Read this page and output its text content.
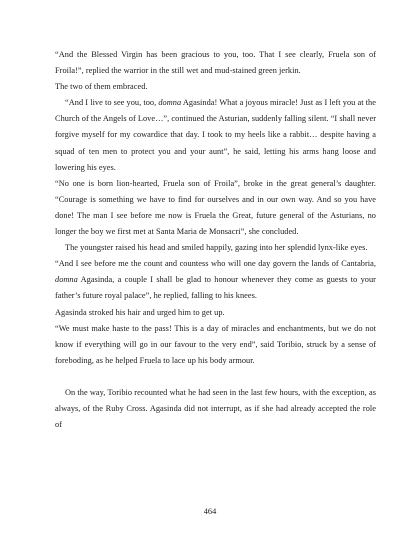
“And the Blessed Virgin has been gracious to you, too. That I see clearly, Fruela son of Froila!”, replied the warrior in the still wet and mud-stained green jerkin.

The two of them embraced.

“And I live to see you, too, domna Agasinda! What a joyous miracle! Just as I left you at the Church of the Angels of Love…”, continued the Asturian, suddenly falling silent. “I shall never forgive myself for my cowardice that day. I took to my heels like a rabbit… despite having a squad of ten men to protect you and your aunt”, he said, letting his arms hang loose and lowering his eyes.

“No one is born lion-hearted, Fruela son of Froila”, broke in the great general’s daughter. “Courage is something we have to find for ourselves and in our own way. And so you have done! The man I see before me now is Fruela the Great, future general of the Asturians, no longer the boy we first met at Santa Maria de Monsacri”, she concluded.

The youngster raised his head and smiled happily, gazing into her splendid lynx-like eyes.

“And I see before me the count and countess who will one day govern the lands of Cantabria, domna Agasinda, a couple I shall be glad to honour whenever they come as guests to your father’s future royal palace”, he replied, falling to his knees.

Agasinda stroked his hair and urged him to get up.

“We must make haste to the pass! This is a day of miracles and enchantments, but we do not know if everything will go in our favour to the very end”, said Toribio, struck by a sense of foreboding, as he helped Fruela to lace up his body armour.

On the way, Toribio recounted what he had seen in the last few hours, with the exception, as always, of the Ruby Cross. Agasinda did not interrupt, as if she had already accepted the role of

464
